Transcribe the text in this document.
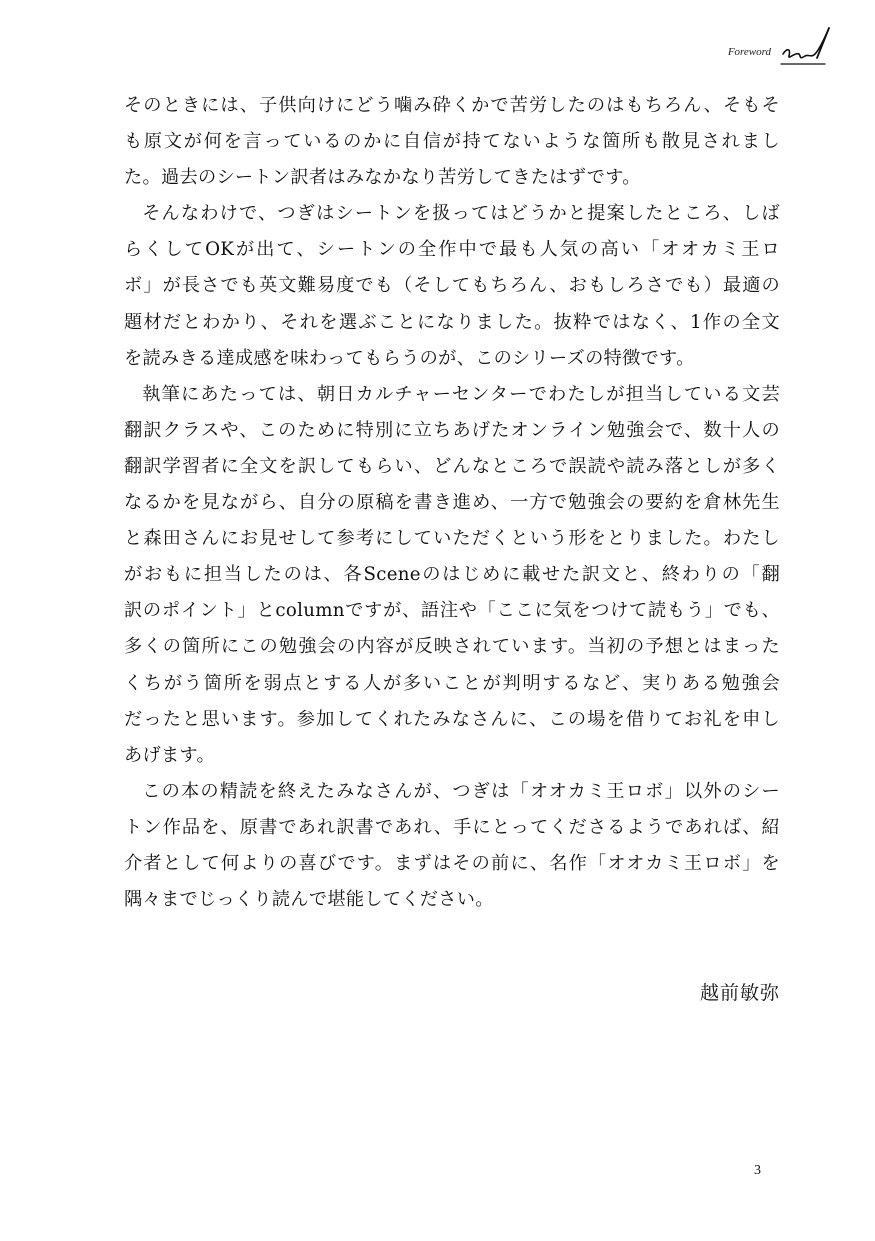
Foreword

そのときには、子供向けにどう噛み砕くかで苦労したのはもちろん、そもそ
も原文が何を言っているのかに自信が持てないような箇所も散見されまし
た。過去のシートン訳者はみなかなり苦労してきたはずです。

そんなわけで、つぎはシートンを扱ってはどうかと提案したところ、しば
らくしてOKが出て、シートンの全作中で最も人気の高い「オオカミ王ロ
ボ」が長さでも英文難易度でも（そしてもちろん、おもしろさでも）最適の
題材だとわかり、それを選ぶことになりました。抜粋ではなく、1作の全文
を読みきる達成感を味わってもらうのが、このシリーズの特徴です。

執筆にあたっては、朝日カルチャーセンターでわたしが担当している文芸
翻訳クラスや、このために特別に立ちあげたオンライン勉強会で、数十人の
翻訳学習者に全文を訳してもらい、どんなところで誤読や読み落としが多く
なるかを見ながら、自分の原稿を書き進め、一方で勉強会の要約を倉林先生
と森田さんにお見せして参考にしていただくという形をとりました。わたし
がおもに担当したのは、各Sceneのはじめに載せた訳文と、終わりの「翻
訳のポイント」とcolumnですが、語注や「ここに気をつけて読もう」でも、
多くの箇所にこの勉強会の内容が反映されています。当初の予想とはまった
くちがう箇所を弱点とする人が多いことが判明するなど、実りある勉強会
だったと思います。参加してくれたみなさんに、この場を借りてお礼を申し
あげます。

この本の精読を終えたみなさんが、つぎは「オオカミ王ロボ」以外のシー
トン作品を、原書であれ訳書であれ、手にとってくださるようであれば、紹
介者として何よりの喜びです。まずはその前に、名作「オオカミ王ロボ」を
隅々までじっくり読んで堪能してください。

越前敏弥
3
